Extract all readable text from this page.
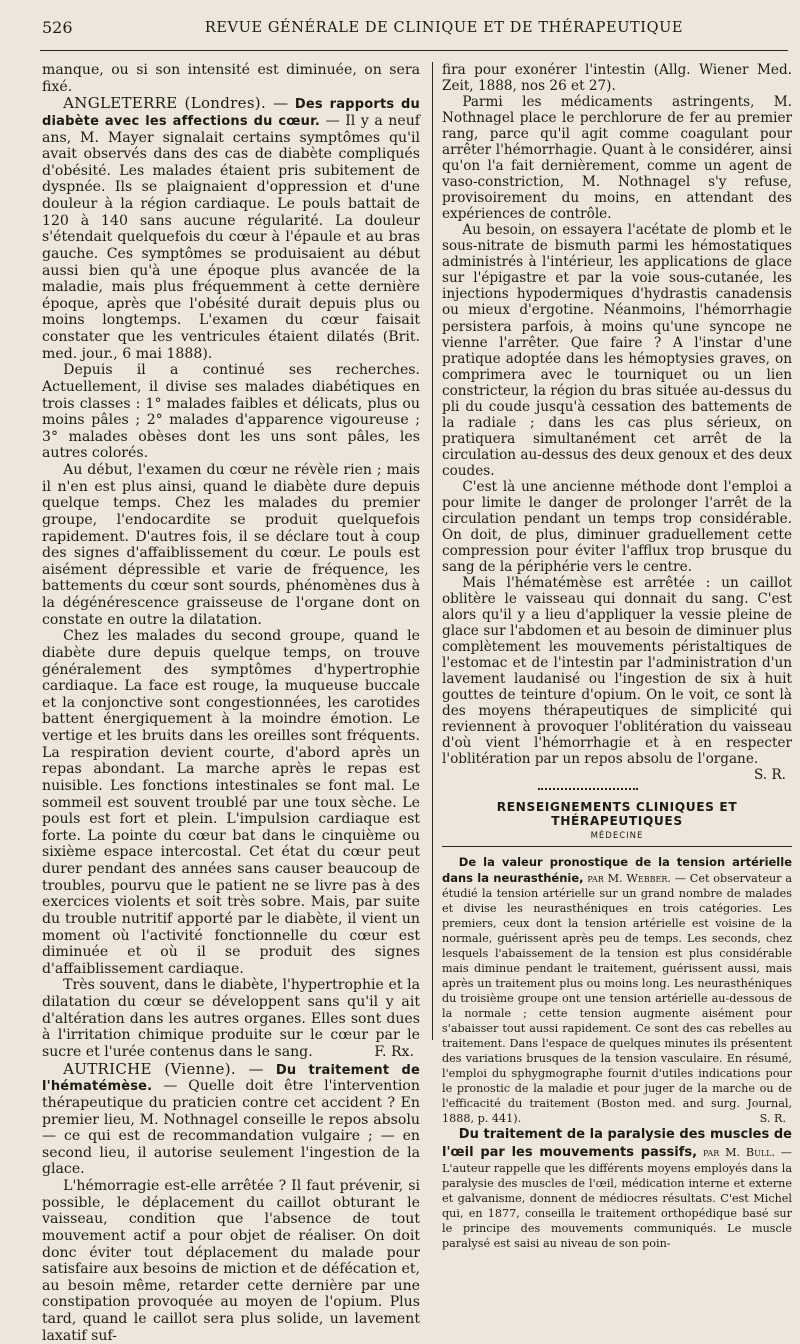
526	REVUE GÉNÉRALE DE CLINIQUE ET DE THÉRAPEUTIQUE

manque, ou si son intensité est diminuée, on sera fixé.

ANGLETERRE (Londres). — Des rapports du diabète avec les affections du cœur. — Il y a neuf ans, M. Mayer signalait certains symptômes qu'il avait observés dans des cas de diabète compliqués d'obésité. Les malades étaient pris subitement de dyspnée. Ils se plaignaient d'oppression et d'une douleur à la région cardiaque. Le pouls battait de 120 à 140 sans aucune régularité. La douleur s'étendait quelquefois du cœur à l'épaule et au bras gauche. Ces symptômes se produisaient au début aussi bien qu'à une époque plus avancée de la maladie, mais plus fréquemment à cette dernière époque, après que l'obésité durait depuis plus ou moins longtemps. L'examen du cœur faisait constater que les ventricules étaient dilatés (Brit. med. jour., 6 mai 1888).

Depuis il a continué ses recherches. Actuellement, il divise ses malades diabétiques en trois classes : 1° malades faibles et délicats, plus ou moins pâles ; 2° malades d'apparence vigoureuse ; 3° malades obèses dont les uns sont pâles, les autres colorés.

Au début, l'examen du cœur ne révèle rien ; mais il n'en est plus ainsi, quand le diabète dure depuis quelque temps. Chez les malades du premier groupe, l'endocardite se produit quelquefois rapidement. D'autres fois, il se déclare tout à coup des signes d'affaiblissement du cœur. Le pouls est aisément dépressible et varie de fréquence, les battements du cœur sont sourds, phénomènes dus à la dégénérescence graisseuse de l'organe dont on constate en outre la dilatation.

Chez les malades du second groupe, quand le diabète dure depuis quelque temps, on trouve généralement des symptômes d'hypertrophie cardiaque. La face est rouge, la muqueuse buccale et la conjonctive sont congestionnées, les carotides battent énergiquement à la moindre émotion. Le vertige et les bruits dans les oreilles sont fréquents. La respiration devient courte, d'abord après un repas abondant. La marche après le repas est nuisible. Les fonctions intestinales se font mal. Le sommeil est souvent troublé par une toux sèche. Le pouls est fort et plein. L'impulsion cardiaque est forte. La pointe du cœur bat dans le cinquième ou sixième espace intercostal. Cet état du cœur peut durer pendant des années sans causer beaucoup de troubles, pourvu que le patient ne se livre pas à des exercices violents et soit très sobre. Mais, par suite du trouble nutritif apporté par le diabète, il vient un moment où l'activité fonctionnelle du cœur est diminuée et où il se produit des signes d'affaiblissement cardiaque.

Très souvent, dans le diabète, l'hypertrophie et la dilatation du cœur se développent sans qu'il y ait d'altération dans les autres organes. Elles sont dues à l'irritation chimique produite sur le cœur par le sucre et l'urée contenus dans le sang.	F. Rx.

AUTRICHE (Vienne). — Du traitement de l'hématémèse. — Quelle doit être l'intervention thérapeutique du praticien contre cet accident ? En premier lieu, M. Nothnagel conseille le repos absolu — ce qui est de recommandation vulgaire ; — en second lieu, il autorise seulement l'ingestion de la glace.

L'hémorragie est-elle arrêtée ? Il faut prévenir, si possible, le déplacement du caillot obturant le vaisseau, condition que l'absence de tout mouvement actif a pour objet de réaliser. On doit donc éviter tout déplacement du malade pour satisfaire aux besoins de miction et de défécation et, au besoin même, retarder cette dernière par une constipation provoquée au moyen de l'opium. Plus tard, quand le caillot sera plus solide, un lavement laxatif suf-

fira pour exonérer l'intestin (Allg. Wiener Med. Zeit, 1888, nos 26 et 27).

Parmi les médicaments astringents, M. Nothnagel place le perchlorure de fer au premier rang, parce qu'il agit comme coagulant pour arrêter l'hémorrhagie. Quant à le considérer, ainsi qu'on l'a fait dernièrement, comme un agent de vaso-constriction, M. Nothnagel s'y refuse, provisoirement du moins, en attendant des expériences de contrôle.

Au besoin, on essayera l'acétate de plomb et le sous-nitrate de bismuth parmi les hémostatiques administrés à l'intérieur, les applications de glace sur l'épigastre et par la voie sous-cutanée, les injections hypodermiques d'hydrastis canadensis ou mieux d'ergotine. Néanmoins, l'hémorrhagie persistera parfois, à moins qu'une syncope ne vienne l'arrêter. Que faire ? A l'instar d'une pratique adoptée dans les hémoptysies graves, on comprimera avec le tourniquet ou un lien constricteur, la région du bras située au-dessus du pli du coude jusqu'à cessation des battements de la radiale ; dans les cas plus sérieux, on pratiquera simultanément cet arrêt de la circulation au-dessus des deux genoux et des deux coudes.

C'est là une ancienne méthode dont l'emploi a pour limite le danger de prolonger l'arrêt de la circulation pendant un temps trop considérable. On doit, de plus, diminuer graduellement cette compression pour éviter l'afflux trop brusque du sang de la périphérie vers le centre.

Mais l'hématémèse est arrêtée : un caillot oblitère le vaisseau qui donnait du sang. C'est alors qu'il y a lieu d'appliquer la vessie pleine de glace sur l'abdomen et au besoin de diminuer plus complètement les mouvements péristaltiques de l'estomac et de l'intestin par l'administration d'un lavement laudanisé ou l'ingestion de six à huit gouttes de teinture d'opium. On le voit, ce sont là des moyens thérapeutiques de simplicité qui reviennent à provoquer l'oblitération du vaisseau d'où vient l'hémorrhagie et à en respecter l'oblitération par un repos absolu de l'organe.
S. R.

RENSEIGNEMENTS CLINIQUES ET THÉRAPEUTIQUES
MÉDECINE

De la valeur pronostique de la tension artérielle dans la neurasthénie, par M. Webber. — Cet observateur a étudié la tension artérielle sur un grand nombre de malades et divise les neurasthéniques en trois catégories. Les premiers, ceux dont la tension artérielle est voisine de la normale, guérissent après peu de temps. Les seconds, chez lesquels l'abaissement de la tension est plus considérable mais diminue pendant le traitement, guérissent aussi, mais après un traitement plus ou moins long. Les neurasthéniques du troisième groupe ont une tension artérielle au-dessous de la normale ; cette tension augmente aisément pour s'abaisser tout aussi rapidement. Ce sont des cas rebelles au traitement. Dans l'espace de quelques minutes ils présentent des variations brusques de la tension vasculaire. En résumé, l'emploi du sphygmographe fournit d'utiles indications pour le pronostic de la maladie et pour juger de la marche ou de l'efficacité du traitement (Boston med. and surg. Journal, 1888, p. 441).	S. R.

Du traitement de la paralysie des muscles de l'œil par les mouvements passifs, par M. Bull. — L'auteur rappelle que les différents moyens employés dans la paralysie des muscles de l'œil, médication interne et externe et galvanisme, donnent de médiocres résultats. C'est Michel qui, en 1877, conseilla le traitement orthopédique basé sur le principe des mouvements communiqués. Le muscle paralysé est saisi au niveau de son poin-
